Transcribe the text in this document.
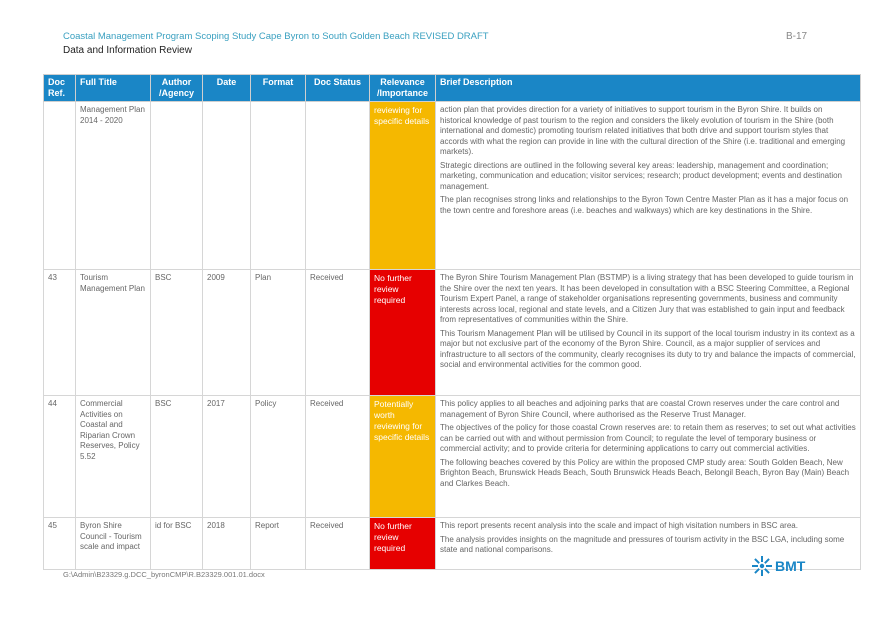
Coastal Management Program Scoping Study Cape Byron to South Golden Beach REVISED DRAFT
Data and Information Review
B-17
Doc Ref.	Full Title	Author /Agency	Date	Format	Doc Status	Relevance /Importance	Brief Description
	Management Plan 2014 - 2020					reviewing for specific details	action plan that provides direction for a variety of initiatives to support tourism in the Byron Shire. It builds on historical knowledge of past tourism to the region and considers the likely evolution of tourism in the Shire (both international and domestic) promoting tourism related initiatives that both drive and support tourism styles that accords with what the region can provide in line with the cultural direction of the Shire (i.e. traditional and emerging markets).

Strategic directions are outlined in the following several key areas: leadership, management and coordination; marketing, communication and education; visitor services; research; product development; events and destination management.

The plan recognises strong links and relationships to the Byron Town Centre Master Plan as it has a major focus on the town centre and foreshore areas (i.e. beaches and walkways) which are key destinations in the Shire.

43	Tourism Management Plan	BSC	2009	Plan	Received	No further review required	The Byron Shire Tourism Management Plan (BSTMP) is a living strategy that has been developed to guide tourism in the Shire over the next ten years. It has been developed in consultation with a BSC Steering Committee, a Regional Tourism Expert Panel, a range of stakeholder organisations representing governments, business and community interests across local, regional and state levels, and a Citizen Jury that was established to gain input and feedback from representatives of communities within the Shire.

This Tourism Management Plan will be utilised by Council in its support of the local tourism industry in its context as a major but not exclusive part of the economy of the Byron Shire. Council, as a major supplier of services and infrastructure to all sectors of the community, clearly recognises its duty to try and balance the impacts of commercial, social and environmental activities for the common good.

44	Commercial Activities on Coastal and Riparian Crown Reserves, Policy 5.52	BSC	2017	Policy	Received	Potentially worth reviewing for specific details	This policy applies to all beaches and adjoining parks that are coastal Crown reserves under the care control and management of Byron Shire Council, where authorised as the Reserve Trust Manager.

The objectives of the policy for those coastal Crown reserves are: to retain them as reserves; to set out what activities can be carried out with and without permission from Council; to regulate the level of temporary business or commercial activity; and to provide criteria for determining applications to carry out commercial activities.

The following beaches covered by this Policy are within the proposed CMP study area: South Golden Beach, New Brighton Beach, Brunswick Heads Beach, South Brunswick Heads Beach, Belongil Beach, Byron Bay (Main) Beach and Clarkes Beach.

45	Byron Shire Council - Tourism scale and impact	id for BSC	2018	Report	Received	No further review required	This report presents recent analysis into the scale and impact of high visitation numbers in BSC area.

The analysis provides insights on the magnitude and pressures of tourism activity in the BSC LGA, including some state and national comparisons.

G:\Admin\B23329.g.DCC_byronCMP\R.B23329.001.01.docx
BMT
